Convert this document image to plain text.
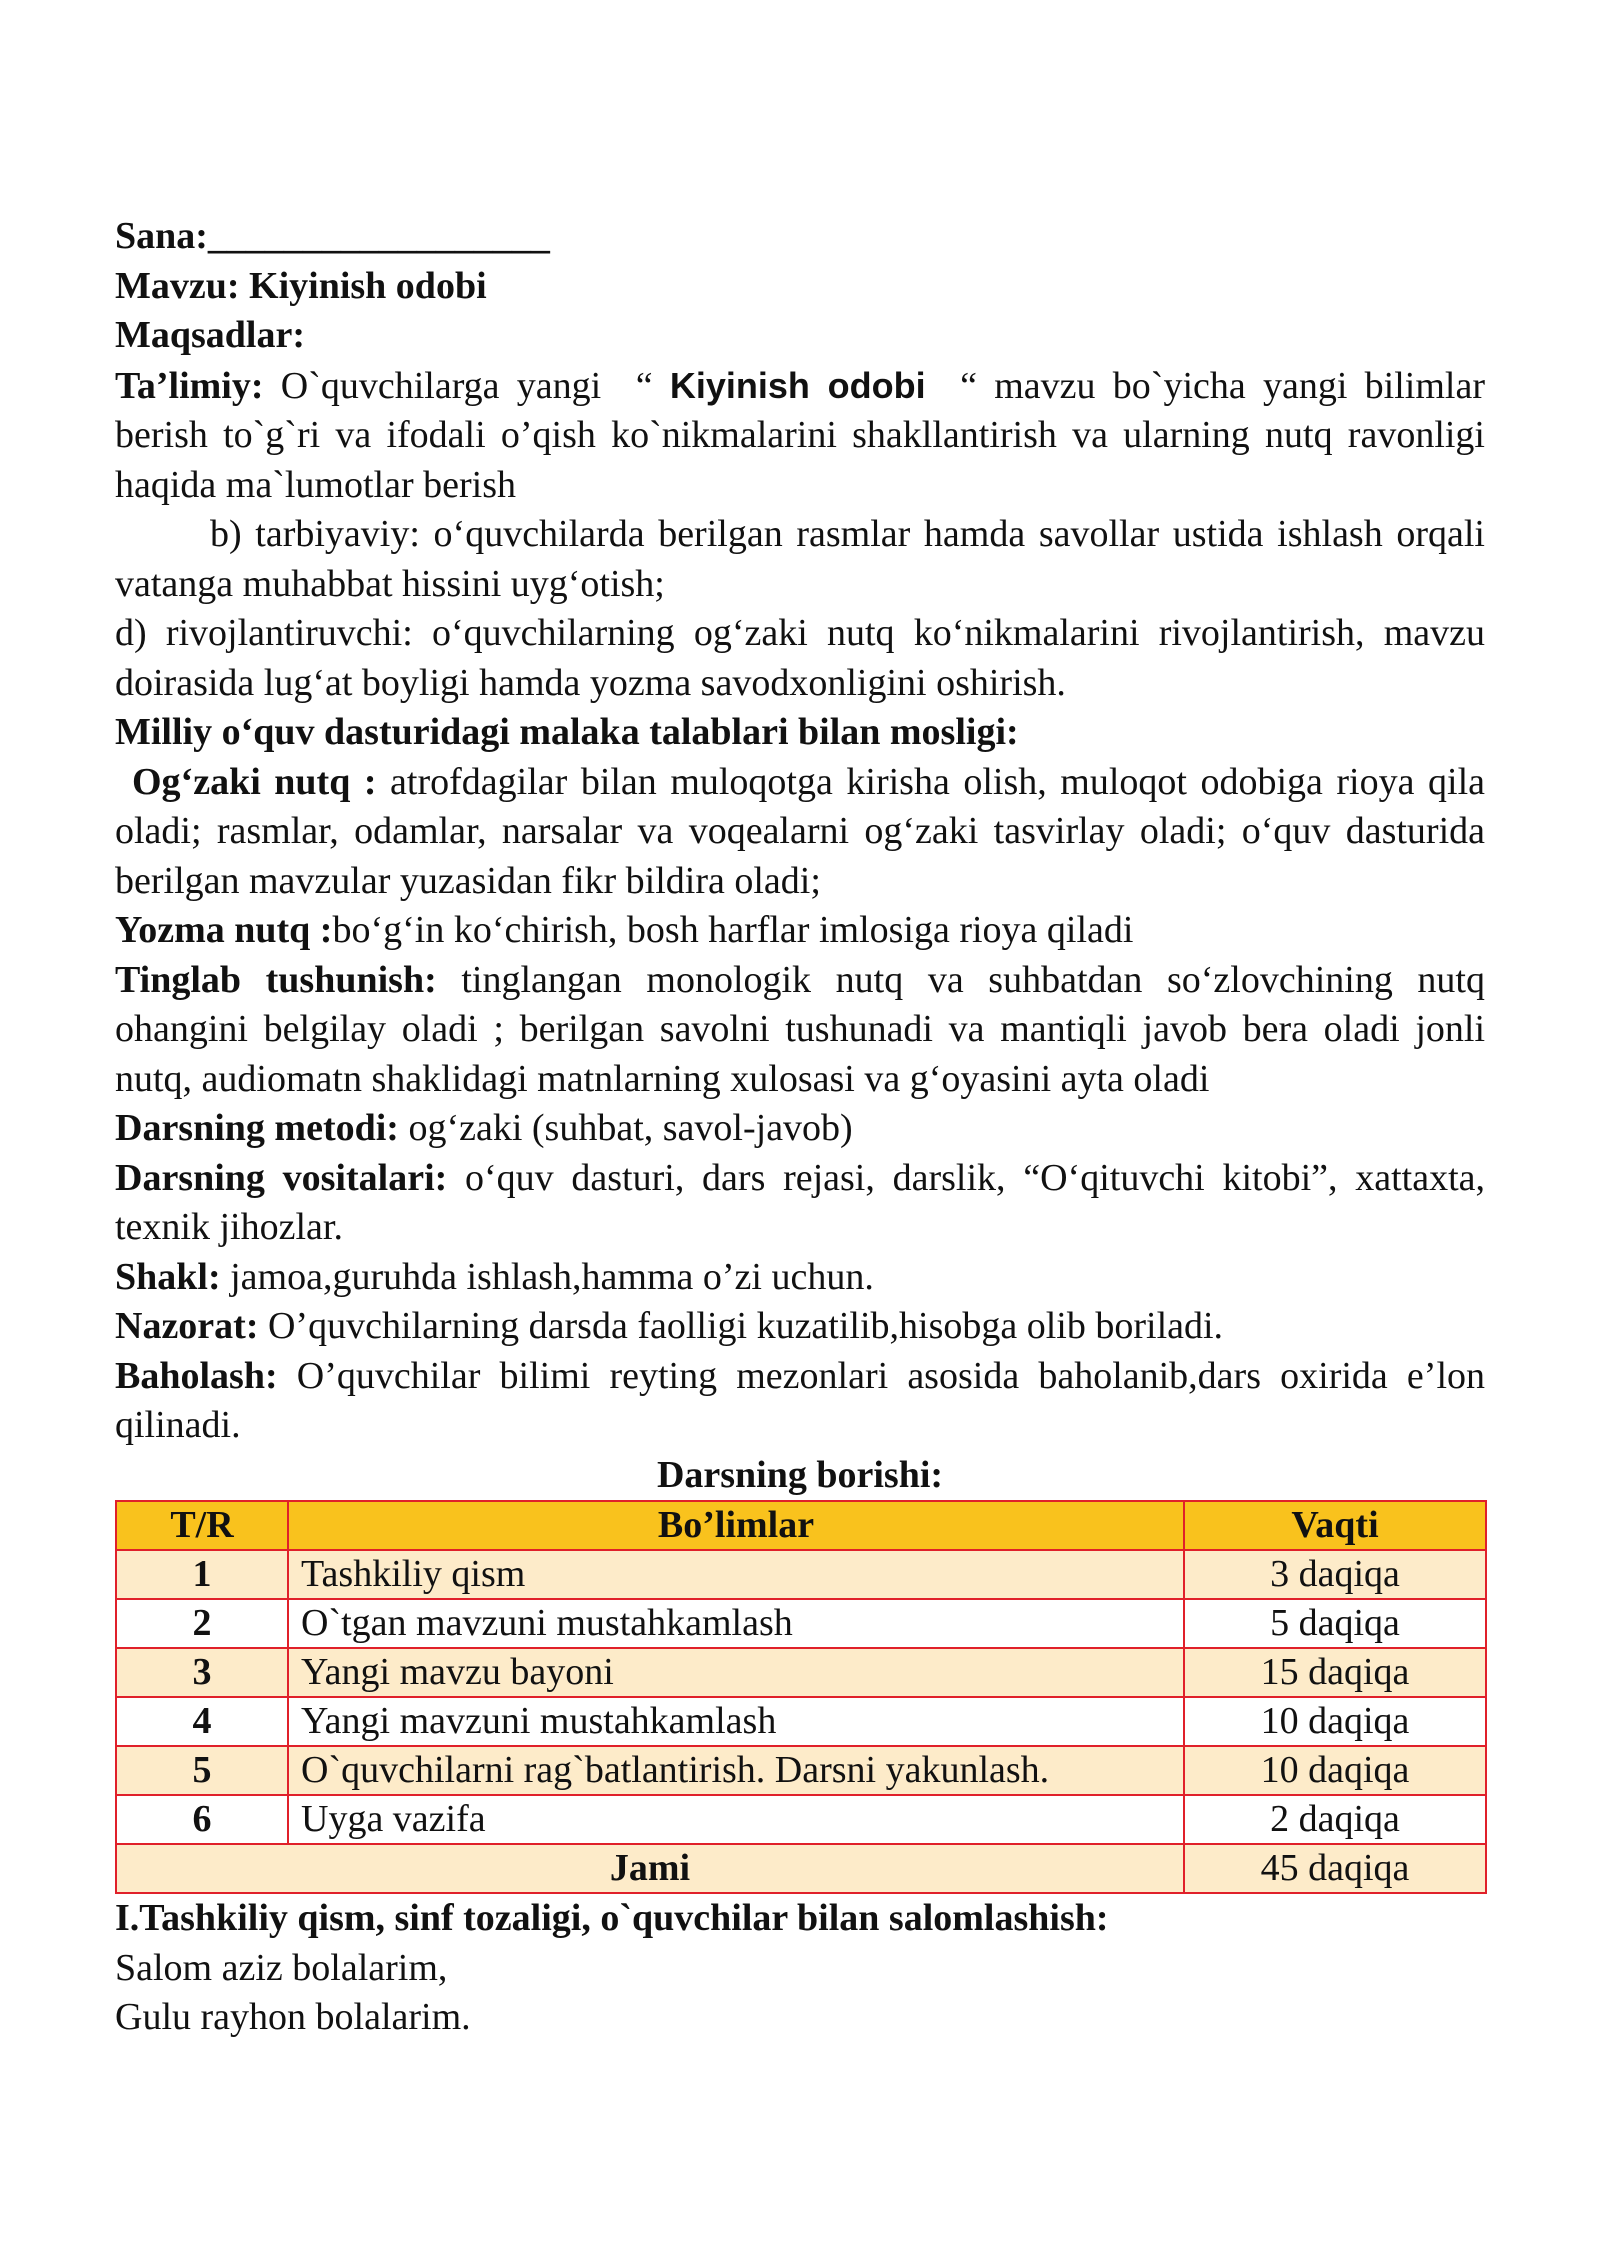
Sana:__________________

Mavzu: Kiyinish odobi

Maqsadlar:

Ta’limiy: O`quvchilarga yangi  “ Kiyinish odobi  “ mavzu bo`yicha yangi bilimlar berish to`g`ri va ifodali o’qish ko`nikmalarini shakllantirish va ularning nutq ravonligi haqida ma`lumotlar berish

b) tarbiyaviy: oʻquvchilarda berilgan rasmlar hamda savollar ustida ishlash orqali vatanga muhabbat hissini uygʻotish;

d) rivojlantiruvchi: oʻquvchilarning ogʻzaki nutq koʻnikmalarini rivojlantirish, mavzu doirasida lugʻat boyligi hamda yozma savodxonligini oshirish.

Milliy oʻquv dasturidagi malaka talablari bilan mosligi:

Ogʻzaki nutq : atrofdagilar bilan muloqotga kirisha olish, muloqot odobiga rioya qila oladi; rasmlar, odamlar, narsalar va voqealarni ogʻzaki tasvirlay oladi; oʻquv dasturida berilgan mavzular yuzasidan fikr bildira oladi;

Yozma nutq :boʻgʻin koʻchirish, bosh harflar imlosiga rioya qiladi

Tinglab tushunish: tinglangan monologik nutq va suhbatdan soʻzlovchining nutq ohangini belgilay oladi ; berilgan savolni tushunadi va mantiqli javob bera oladi jonli nutq, audiomatn shaklidagi matnlarning xulosasi va gʻoyasini ayta oladi

Darsning metodi: ogʻzaki (suhbat, savol-javob)

Darsning vositalari: oʻquv dasturi, dars rejasi, darslik, “Oʻqituvchi kitobi”, xattaxta, texnik jihozlar.

Shakl: jamoa,guruhda ishlash,hamma o’zi uchun.

Nazorat: O’quvchilarning darsda faolligi kuzatilib,hisobga olib boriladi.

Baholash: O’quvchilar bilimi reyting mezonlari asosida baholanib,dars oxirida e’lon qilinadi.

Darsning borishi:

T/R	Bo’limlar	Vaqti
1	Tashkiliy qism	3 daqiqa
2	O`tgan mavzuni mustahkamlash	5 daqiqa
3	Yangi mavzu bayoni	15 daqiqa
4	Yangi mavzuni mustahkamlash	10 daqiqa
5	O`quvchilarni rag`batlantirish. Darsni yakunlash.	10 daqiqa
6	Uyga vazifa	2 daqiqa
Jami		45 daqiqa

I.Tashkiliy qism, sinf tozaligi, o`quvchilar bilan salomlashish:

Salom aziz bolalarim,

Gulu rayhon bolalarim.
